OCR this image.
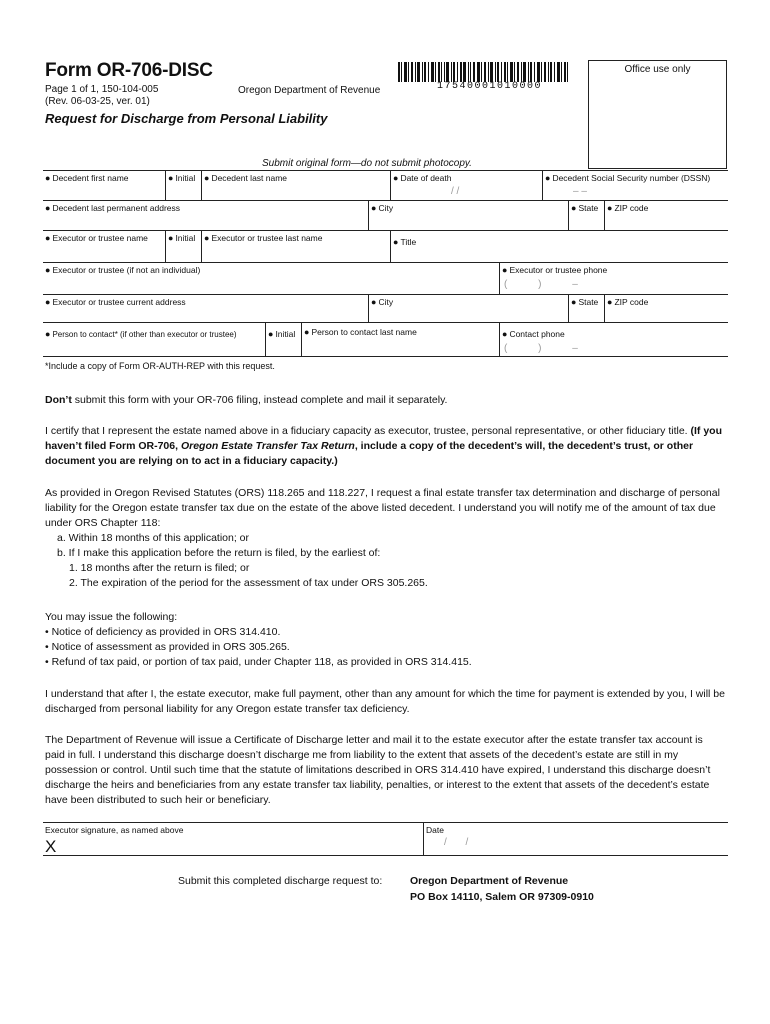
Form OR-706-DISC
Page 1 of 1, 150-104-005
(Rev. 06-03-25, ver. 01)
Oregon Department of Revenue	17540001010000
Office use only
Request for Discharge from Personal Liability
Submit original form—do not submit photocopy.
● Decedent first name	● Initial	● Decedent last name	● Date of death
/ /
● Decedent Social Security number (DSSN)
– –
● Decedent last permanent address	● City	● State	● ZIP code
● Executor or trustee name	● Initial	● Executor or trustee last name	● Title
● Executor or trustee (if not an individual)	● Executor or trustee phone
( ) –
● Executor or trustee current address	● City	● State	● ZIP code
● Person to contact* (if other than executor or trustee)	● Initial	● Person to contact last name	● Contact phone
( ) –
*Include a copy of Form OR-AUTH-REP with this request.
Don’t submit this form with your OR-706 filing, instead complete and mail it separately.
I certify that I represent the estate named above in a fiduciary capacity as executor, trustee, personal representative, or other fiduciary title. (If you haven’t filed Form OR-706, Oregon Estate Transfer Tax Return, include a copy of the decedent’s will, the decedent’s trust, or other document you are relying on to act in a fiduciary capacity.)
As provided in Oregon Revised Statutes (ORS) 118.265 and 118.227, I request a final estate transfer tax determination and discharge of personal liability for the Oregon estate transfer tax due on the estate of the above listed decedent. I understand you will notify me of the amount of tax due under ORS Chapter 118:
a. Within 18 months of this application; or
b. If I make this application before the return is filed, by the earliest of:
1. 18 months after the return is filed; or
2. The expiration of the period for the assessment of tax under ORS 305.265.
You may issue the following:
• Notice of deficiency as provided in ORS 314.410.
• Notice of assessment as provided in ORS 305.265.
• Refund of tax paid, or portion of tax paid, under Chapter 118, as provided in ORS 314.415.
I understand that after I, the estate executor, make full payment, other than any amount for which the time for payment is extended by you, I will be discharged from personal liability for any Oregon estate transfer tax deficiency.
The Department of Revenue will issue a Certificate of Discharge letter and mail it to the estate executor after the estate transfer tax account is paid in full. I understand this discharge doesn’t discharge me from liability to the extent that assets of the decedent’s estate are still in my possession or control. Until such time that the statute of limitations described in ORS 314.410 have expired, I understand this discharge doesn’t discharge the heirs and beneficiaries from any estate transfer tax liability, penalties, or interest to the extent that assets of the decedent’s estate have been distributed to such heir or beneficiary.
Executor signature, as named above
X
Date
/ /
Submit this completed discharge request to:	Oregon Department of Revenue
PO Box 14110, Salem OR 97309-0910
